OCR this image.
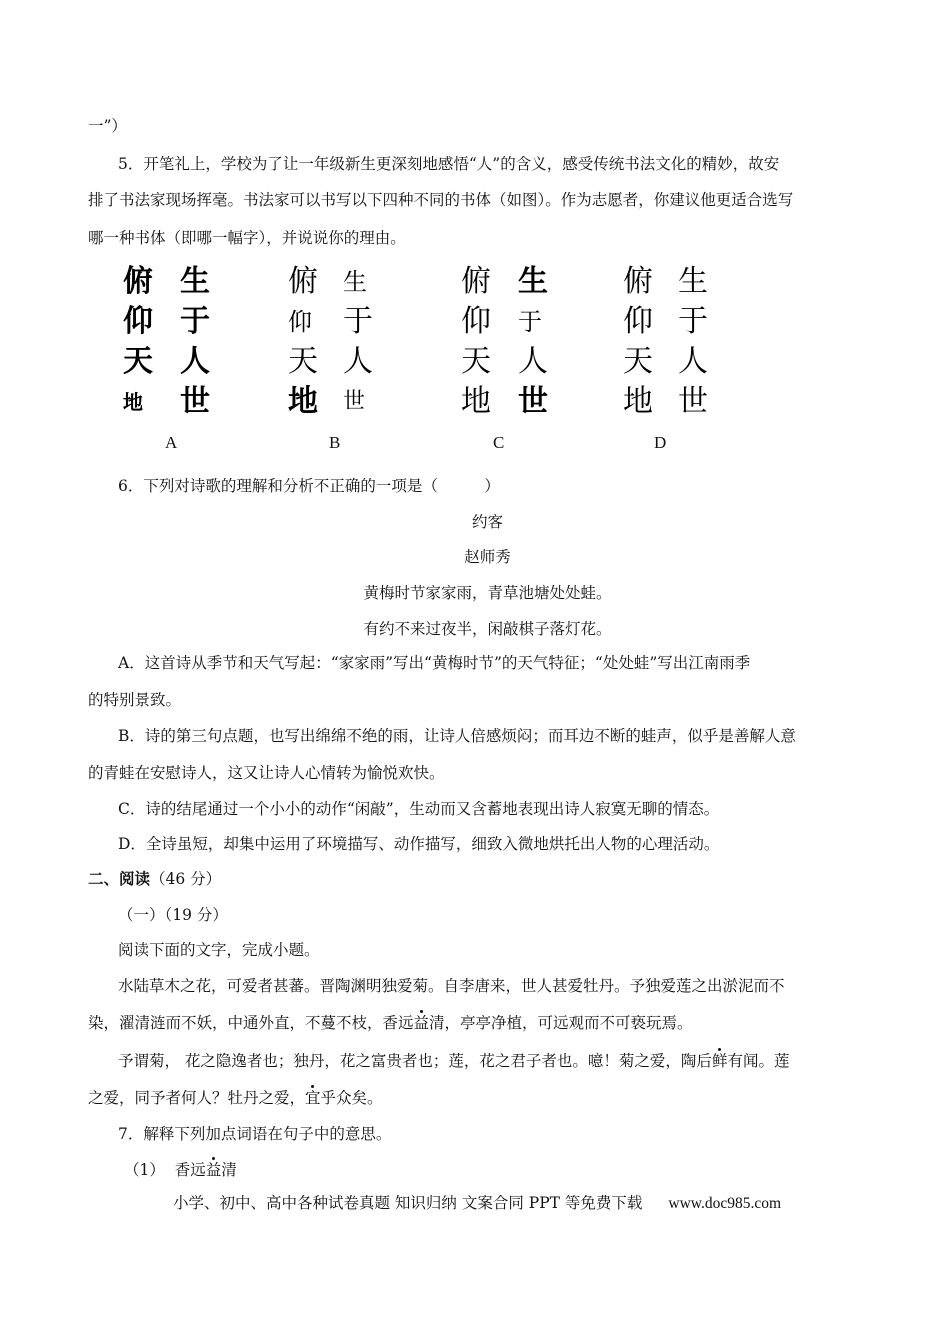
一”）
5．开笔礼上，学校为了让一年级新生更深刻地感悟“人”的含义，感受传统书法文化的精妙，故安
排了书法家现场挥毫。书法家可以书写以下四种不同的书体（如图）。作为志愿者，你建议他更适合选写
哪一种书体（即哪一幅字），并说说你的理由。
俯
仰
天
地
生
于
人
世
俯
仰
天
地
生
于
人
世
俯
仰
天
地
生
于
人
世
俯
仰
天
地
生
于
人
世
A	B	C	D
6．下列对诗歌的理解和分析不正确的一项是（　　　）
约客
赵师秀
黄梅时节家家雨，青草池塘处处蛙。
有约不来过夜半，闲敲棋子落灯花。
A．这首诗从季节和天气写起：“家家雨”写出“黄梅时节”的天气特征；“处处蛙”写出江南雨季
的特别景致。
B．诗的第三句点题，也写出绵绵不绝的雨，让诗人倍感烦闷；而耳边不断的蛙声，似乎是善解人意
的青蛙在安慰诗人，这又让诗人心情转为愉悦欢快。
C．诗的结尾通过一个小小的动作“闲敲”，生动而又含蓄地表现出诗人寂寞无聊的情态。
D．全诗虽短，却集中运用了环境描写、动作描写，细致入微地烘托出人物的心理活动。
二、阅读（46 分）
（一）（19 分）
阅读下面的文字，完成小题。
水陆草木之花，可爱者甚蕃。晋陶渊明独爱菊。自李唐来，世人甚爱牡丹。予独爱莲之出淤泥而不
染，濯清涟而不妖，中通外直，不蔓不枝，香远益清，亭亭净植，可远观而不可亵玩焉。
予谓菊， 花之隐逸者也；独丹，花之富贵者也；莲，花之君子者也。噫！菊之爱，陶后鲜有闻。莲
之爱，同予者何人？牡丹之爱，宜乎众矣。
7．解释下列加点词语在句子中的意思。
（1） 香远益清
小学、初中、高中各种试卷真题 知识归纳 文案合同 PPT 等免费下载 www.doc985.com
